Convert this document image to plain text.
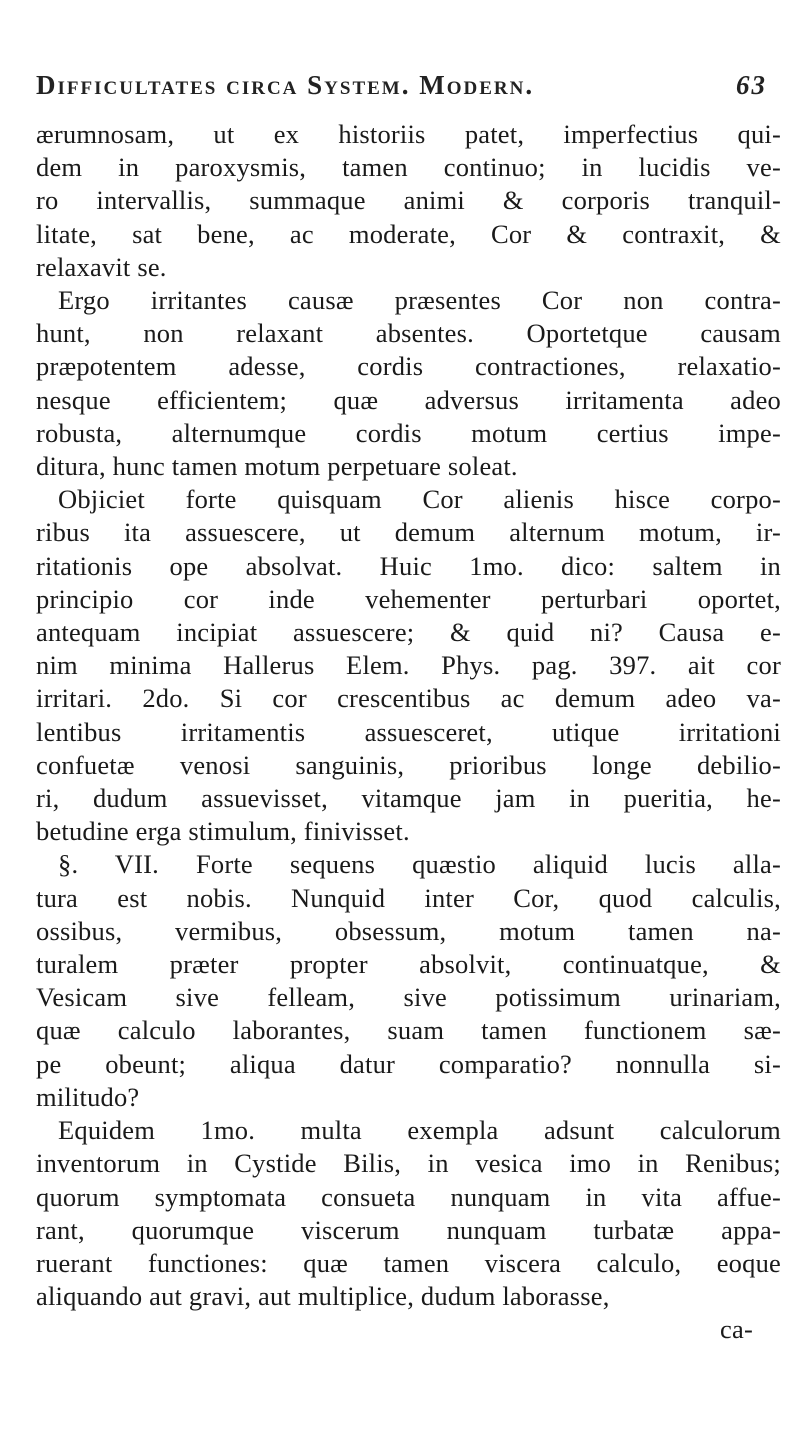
Difficultates circa System. Modern.	63
ærumnosam, ut ex historiis patet, imperfectius qui-
dem in paroxysmis, tamen continuo; in lucidis ve-
ro intervallis, summaque animi & corporis tranquil-
litate, sat bene, ac moderate, Cor & contraxit, &
relaxavit se.
Ergo irritantes causæ præsentes Cor non contra-
hunt, non relaxant absentes. Oportetque causam
præpotentem adesse, cordis contractiones, relaxatio-
nesque efficientem; quæ adversus irritamenta adeo
robusta, alternumque cordis motum certius impe-
ditura, hunc tamen motum perpetuare soleat.
Objiciet forte quisquam Cor alienis hisce corpo-
ribus ita assuescere, ut demum alternum motum, ir-
ritationis ope absolvat. Huic 1mo. dico: saltem in
principio cor inde vehementer perturbari oportet,
antequam incipiat assuescere; & quid ni? Causa e-
nim minima Hallerus Elem. Phys. pag. 397. ait cor
irritari. 2do. Si cor crescentibus ac demum adeo va-
lentibus irritamentis assuesceret, utique irritationi
confuetæ venosi sanguinis, prioribus longe debilio-
ri, dudum assuevisset, vitamque jam in pueritia, he-
betudine erga stimulum, finivisset.
§. VII. Forte sequens quæstio aliquid lucis alla-
tura est nobis. Nunquid inter Cor, quod calculis,
ossibus, vermibus, obsessum, motum tamen na-
turalem præter propter absolvit, continuatque, &
Vesicam sive felleam, sive potissimum urinariam,
quæ calculo laborantes, suam tamen functionem sæ-
pe obeunt; aliqua datur comparatio? nonnulla si-
militudo?
Equidem 1mo. multa exempla adsunt calculorum
inventorum in Cystide Bilis, in vesica imo in Renibus;
quorum symptomata consueta nunquam in vita affue-
rant, quorumque viscerum nunquam turbatæ appa-
ruerant functiones: quæ tamen viscera calculo, eoque
aliquando aut gravi, aut multiplice, dudum laborasse,
ca-
